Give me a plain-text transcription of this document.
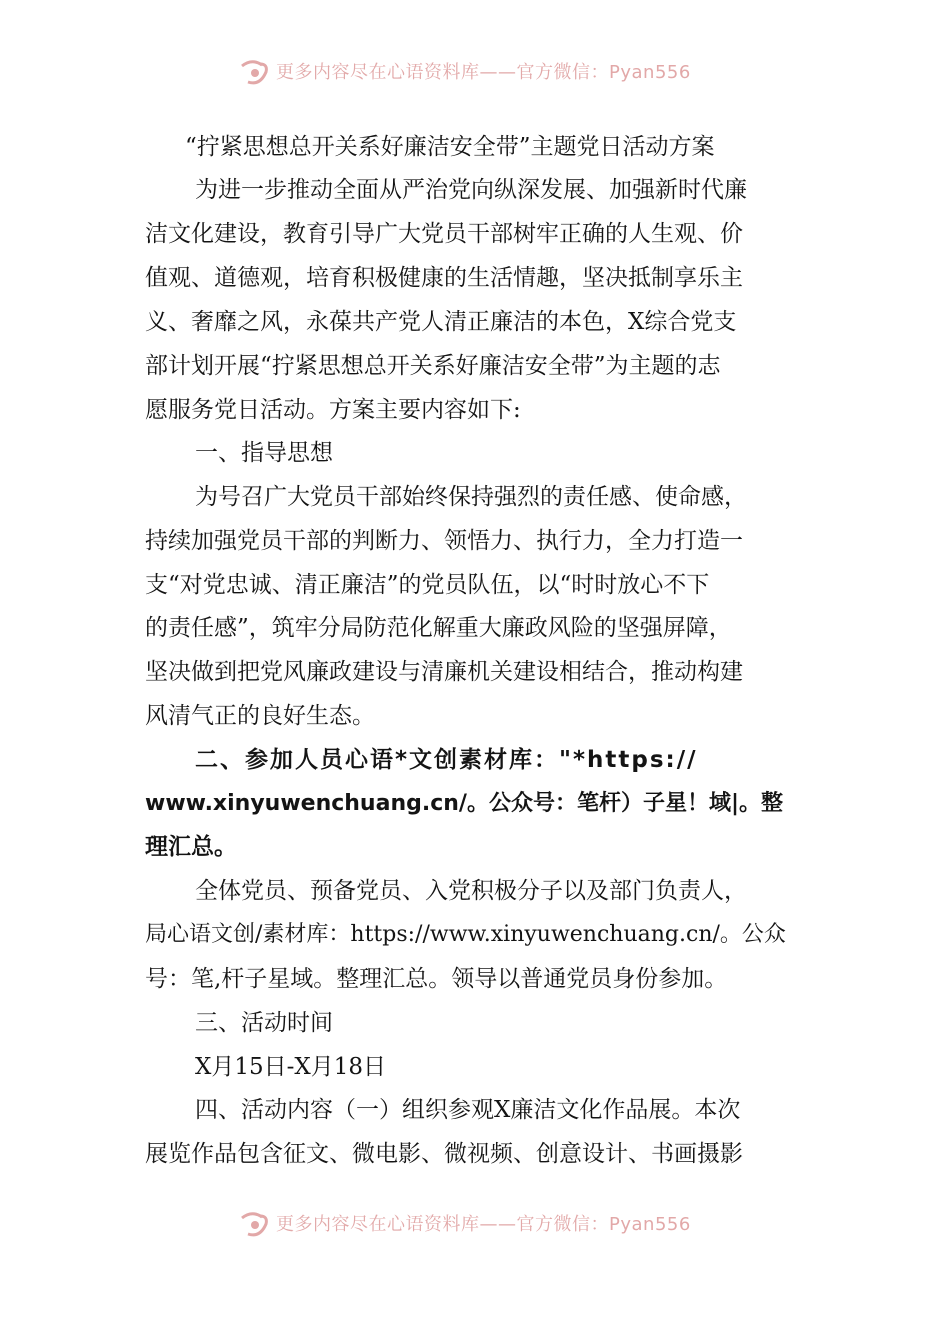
更多内容尽在心语资料库——官方微信：Pyan556
“拧紧思想总开关系好廉洁安全带”主题党日活动方案
为进一步推动全面从严治党向纵深发展、加强新时代廉
洁文化建设，教育引导广大党员干部树牢正确的人生观、价
值观、道德观，培育积极健康的生活情趣，坚决抵制享乐主
义、奢靡之风，永葆共产党人清正廉洁的本色，X综合党支
部计划开展“拧紧思想总开关系好廉洁安全带”为主题的志
愿服务党日活动。方案主要内容如下:
一、指导思想
为号召广大党员干部始终保持强烈的责任感、使命感，
持续加强党员干部的判断力、领悟力、执行力，全力打造一
支“对党忠诚、清正廉洁”的党员队伍，以“时时放心不下
的责任感”，筑牢分局防范化解重大廉政风险的坚强屏障，
坚决做到把党风廉政建设与清廉机关建设相结合，推动构建
风清气正的良好生态。
二、参加人员心语*文创素材库："*https://
www.xinyuwenchuang.cn/。公众号：笔杆）子星！域|。整
理汇总。
全体党员、预备党员、入党积极分子以及部门负责人，
局心语文创/素材库：https://www.xinyuwenchuang.cn/。公众
号：笔,杆子星域。整理汇总。领导以普通党员身份参加。
三、活动时间
X月15日-X月18日
四、活动内容（一）组织参观X廉洁文化作品展。本次
展览作品包含征文、微电影、微视频、创意设计、书画摄影
更多内容尽在心语资料库——官方微信：Pyan556
